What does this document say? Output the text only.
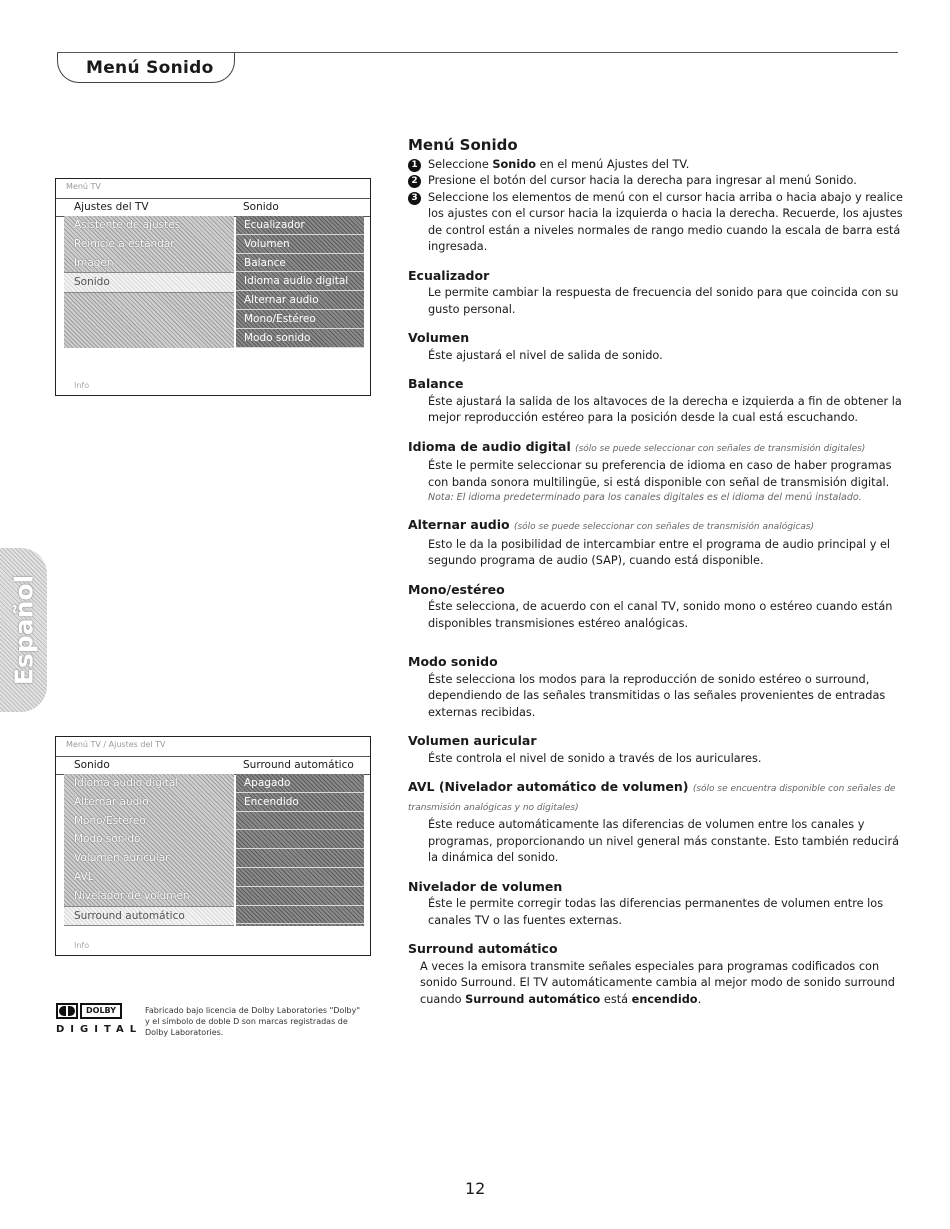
Menú Sonido
Español
Menú TV
Ajustes del TV	Sonido
Asistente de ajustes
Reinicie a estándar
Imagen
Sonido
Ecualizador
Volumen
Balance
Idioma audio digital
Alternar audio
Mono/Estéreo
Modo sonido
Info
Menú TV / Ajustes del TV
Sonido	Surround automático
Idioma audio digital
Alternar audio
Mono/Estéreo
Modo sonido
Volumen auricular
AVL
Nivelador de volumen
Surround automático
Apagado
Encendido
Info
DOLBY
DIGITAL
Fabricado bajo licencia de Dolby Laboratories "Dolby" y el símbolo de doble D son marcas registradas de Dolby Laboratories.
Menú Sonido

1 Seleccione Sonido en el menú Ajustes del TV.

2 Presione el botón del cursor hacia la derecha para ingresar al menú Sonido.

3 Seleccione los elementos de menú con el cursor hacia arriba o hacia abajo y realice los ajustes con el cursor hacia la izquierda o hacia la derecha. Recuerde, los ajustes de control están a niveles normales de rango medio cuando la escala de barra está ingresada.

Ecualizador

Le permite cambiar la respuesta de frecuencia del sonido para que coincida con su gusto personal.

Volumen

Éste ajustará el nivel de salida de sonido.

Balance

Éste ajustará la salida de los altavoces de la derecha e izquierda a fin de obtener la mejor reproducción estéreo para la posición desde la cual está escuchando.

Idioma de audio digital (sólo se puede seleccionar con señales de transmisión digitales)

Éste le permite seleccionar su preferencia de idioma en caso de haber programas con banda sonora multilingüe, si está disponible con señal de transmisión digital.

Nota: El idioma predeterminado para los canales digitales es el idioma del menú instalado.

Alternar audio (sólo se puede seleccionar con señales de transmisión analógicas)

Esto le da la posibilidad de intercambiar entre el programa de audio principal y el segundo programa de audio (SAP), cuando está disponible.

Mono/estéreo

Éste selecciona, de acuerdo con el canal TV, sonido mono o estéreo cuando están disponibles transmisiones estéreo analógicas.

Modo sonido

Éste selecciona los modos para la reproducción de sonido estéreo o surround, dependiendo de las señales transmitidas o las señales provenientes de entradas externas recibidas.

Volumen auricular

Éste controla el nivel de sonido a través de los auriculares.

AVL (Nivelador automático de volumen) (sólo se encuentra disponible con señales de transmisión analógicas y no digitales)

Éste reduce automáticamente las diferencias de volumen entre los canales y programas, proporcionando un nivel general más constante. Esto también reducirá la dinámica del sonido.

Nivelador de volumen

Éste le permite corregir todas las diferencias permanentes de volumen entre los canales TV o las fuentes externas.

Surround automático

A veces la emisora transmite señales especiales para programas codificados con sonido Surround. El TV automáticamente cambia al mejor modo de sonido surround cuando Surround automático está encendido.

12
